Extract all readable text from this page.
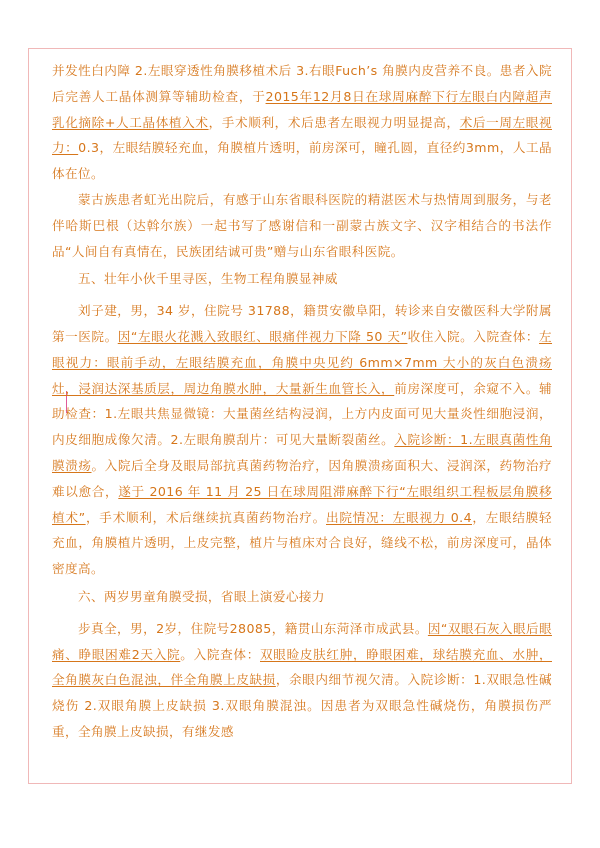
并发性白内障 2.左眼穿透性角膜移植术后 3.右眼Fuch’s 角膜内皮营养不良。患者入院后完善人工晶体测算等辅助检查，于2015年12月8日在球周麻醉下行左眼白内障超声乳化摘除+人工晶体植入术，手术顺利，术后患者左眼视力明显提高，术后一周左眼视力：0.3，左眼结膜轻充血，角膜植片透明，前房深可，瞳孔圆，直径约3mm，人工晶体在位。

蒙古族患者虹光出院后，有感于山东省眼科医院的精湛医术与热情周到服务，与老伴哈斯巴根（达斡尔族）一起书写了感谢信和一副蒙古族文字、汉字相结合的书法作品“人间自有真情在，民族团结诚可贵”赠与山东省眼科医院。

五、壮年小伙千里寻医，生物工程角膜显神威

刘子建，男，34 岁，住院号 31788，籍贯安徽阜阳，转诊来自安徽医科大学附属第一医院。因“左眼火花溅入致眼红、眼痛伴视力下降 50 天”收住入院。入院查体：左眼视力：眼前手动，左眼结膜充血，角膜中央见约 6mm×7mm 大小的灰白色溃疡灶，浸润达深基质层，周边角膜水肿，大量新生血管长入，前房深度可，余窥不入。辅助检查：1.左眼共焦显微镜：大量菌丝结构浸润，上方内皮面可见大量炎性细胞浸润，内皮细胞成像欠清。2.左眼角膜刮片：可见大量断裂菌丝。入院诊断：1.左眼真菌性角膜溃疡。入院后全身及眼局部抗真菌药物治疗，因角膜溃疡面积大、浸润深，药物治疗难以愈合，遂于 2016 年 11 月 25 日在球周阻滞麻醉下行“左眼组织工程板层角膜移植术”，手术顺利，术后继续抗真菌药物治疗。出院情况：左眼视力 0.4，左眼结膜轻充血，角膜植片透明，上皮完整，植片与植床对合良好，缝线不松，前房深度可，晶体密度高。

六、两岁男童角膜受损，省眼上演爱心接力

步真全，男，2岁，住院号28085，籍贯山东菏泽市成武县。因“双眼石灰入眼后眼痛、睁眼困难2天入院。入院查体：双眼睑皮肤红肿，睁眼困难，球结膜充血、水肿，全角膜灰白色混浊，伴全角膜上皮缺损，余眼内细节视欠清。入院诊断：1.双眼急性碱烧伤 2.双眼角膜上皮缺损 3.双眼角膜混浊。因患者为双眼急性碱烧伤，角膜损伤严重，全角膜上皮缺损，有继发感
